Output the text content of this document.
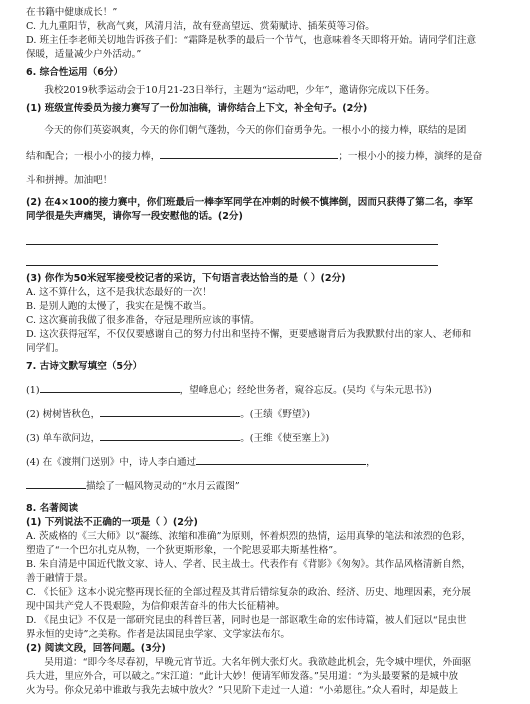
在书籍中健康成长！”
C. 九九重阳节，秋高气爽，风清月洁，故有登高望远、赏菊赋诗、插茱萸等习俗。
D. 班主任李老师关切地告诉孩子们：“霜降是秋季的最后一个节气，也意味着冬天即将开始。请同学们注意
保暖，适量减少户外活动。”
6. 综合性运用（6分）
我校2019秋季运动会于10月21-23日举行，主题为“运动吧，少年”，邀请你完成以下任务。
(1) 班级宣传委员为接力赛写了一份加油稿，请你结合上下文，补全句子。(2分)
今天的你们英姿飒爽，今天的你们朝气蓬勃，今天的你们奋勇争先。一根小小的接力棒，联结的是团
结和配合；一根小小的接力棒，	；一根小小的接力棒，演绎的是奋
斗和拼搏。加油吧！
(2) 在4×100的接力赛中，你们班最后一棒李军同学在冲刺的时候不慎摔倒，因而只获得了第二名，李军
同学很是失声痛哭，请你写一段安慰他的话。(2分)
(3) 你作为50米冠军接受校记者的采访，下句语言表达恰当的是（ ）(2分)
A. 这不算什么，这不是我状态最好的一次！
B. 是别人跑的太慢了，我实在是愧不敢当。
C. 这次赛前我做了很多准备，夺冠是理所应该的事情。
D. 这次获得冠军，不仅仅要感谢自己的努力付出和坚持不懈，更要感谢背后为我默默付出的家人、老师和
同学们。
7. 古诗文默写填空（5分）
(1)	，望峰息心；经纶世务者，窥谷忘反。(吴均《与朱元思书》)
(2) 树树皆秋色，	。(王绩《野望》)
(3) 单车欲问边，	。(王维《使至塞上》)
(4) 在《渡荆门送别》中，诗人李白通过	，
描绘了一幅风物灵动的“水月云霞图”
8. 名著阅读
(1) 下列说法不正确的一项是（ ）(2分)
A. 茨威格的《三大师》以“凝练、浓缩和准确”为原则，怀着炽烈的热情，运用真挚的笔法和浓烈的色彩，
塑造了“一个巴尔扎克从物，一个狄更斯形象，一个陀思妥耶夫斯基性格”。
B. 朱自清是中国近代散文家、诗人、学者、民主战士。代表作有《背影》《匆匆》。其作品风格清新自然，
善于融情于景。
C. 《长征》这本小说完整再现长征的全部过程及其背后错综复杂的政治、经济、历史、地理因素，充分展
现中国共产党人不畏艰险，为信仰艰苦奋斗的伟大长征精神。
D. 《昆虫记》不仅是一部研究昆虫的科普巨著，同时也是一部讴歌生命的宏伟诗篇，被人们冠以“昆虫世
界永恒的史诗”之美称。作者是法国昆虫学家、文学家法布尔。
(2) 阅读文段，回答问题。(3分)
吴用道：“即今冬尽春初，早晚元宵节近。大名年例大张灯火。我欲趁此机会，先令城中埋伏，外面驱
兵大进，里应外合，可以破之。”宋江道：“此计大妙！便请军师发落。”吴用道：“为头最要紧的是城中放
火为号。你众兄弟中谁敢与我先去城中放火？”只见阶下走过一人道：“小弟愿往。”众人看时，却是鼓上
